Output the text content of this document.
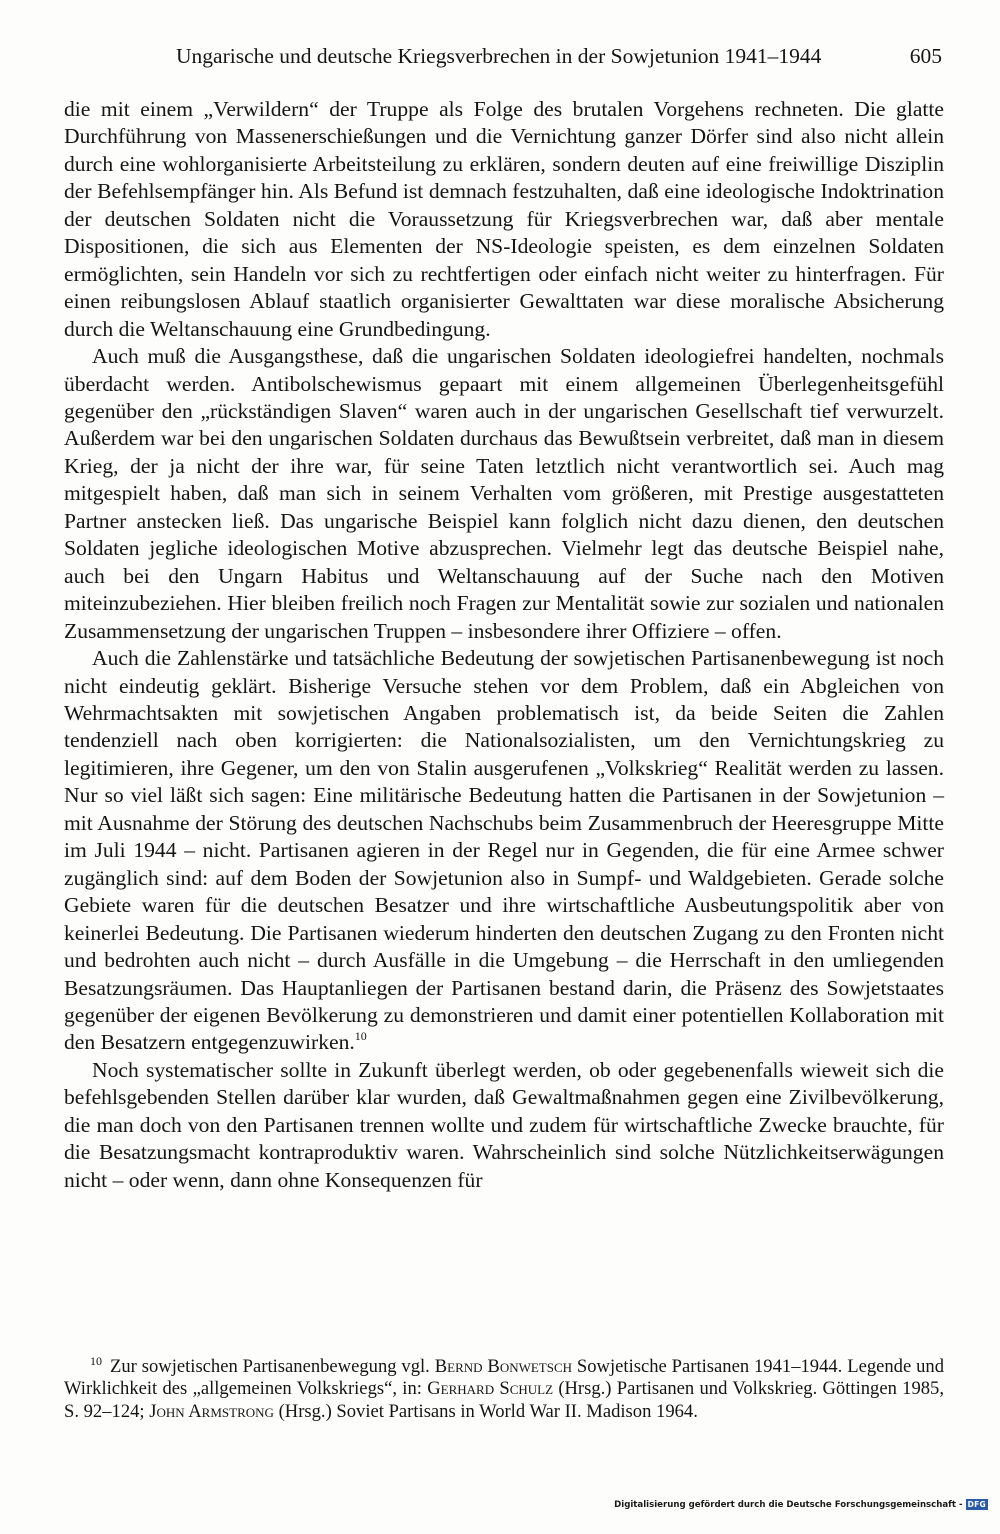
Ungarische und deutsche Kriegsverbrechen in der Sowjetunion 1941–1944	605

die mit einem „Verwildern“ der Truppe als Folge des brutalen Vorgehens rechneten. Die glatte Durchführung von Massenerschießungen und die Vernichtung ganzer Dörfer sind also nicht allein durch eine wohlorganisierte Arbeitsteilung zu erklären, sondern deuten auf eine freiwillige Disziplin der Befehlsempfänger hin. Als Befund ist demnach festzuhalten, daß eine ideologische Indoktrination der deutschen Soldaten nicht die Voraussetzung für Kriegsverbrechen war, daß aber mentale Dispositionen, die sich aus Elementen der NS-Ideologie speisten, es dem einzelnen Soldaten ermöglichten, sein Handeln vor sich zu rechtfertigen oder einfach nicht weiter zu hinterfragen. Für einen reibungslosen Ablauf staatlich organisierter Gewalttaten war diese moralische Absicherung durch die Weltanschauung eine Grundbedingung.

Auch muß die Ausgangsthese, daß die ungarischen Soldaten ideologiefrei handelten, nochmals überdacht werden. Antibolschewismus gepaart mit einem allgemeinen Überlegenheitsgefühl gegenüber den „rückständigen Slaven“ waren auch in der ungarischen Gesellschaft tief verwurzelt. Außerdem war bei den ungarischen Soldaten durchaus das Bewußtsein verbreitet, daß man in diesem Krieg, der ja nicht der ihre war, für seine Taten letztlich nicht verantwortlich sei. Auch mag mitgespielt haben, daß man sich in seinem Verhalten vom größeren, mit Prestige ausgestatteten Partner anstecken ließ. Das ungarische Beispiel kann folglich nicht dazu dienen, den deutschen Soldaten jegliche ideologischen Motive abzusprechen. Vielmehr legt das deutsche Beispiel nahe, auch bei den Ungarn Habitus und Weltanschauung auf der Suche nach den Motiven miteinzubeziehen. Hier bleiben freilich noch Fragen zur Mentalität sowie zur sozialen und nationalen Zusammensetzung der ungarischen Truppen – insbesondere ihrer Offiziere – offen.

Auch die Zahlenstärke und tatsächliche Bedeutung der sowjetischen Partisanenbewegung ist noch nicht eindeutig geklärt. Bisherige Versuche stehen vor dem Problem, daß ein Abgleichen von Wehrmachtsakten mit sowjetischen Angaben problematisch ist, da beide Seiten die Zahlen tendenziell nach oben korrigierten: die Nationalsozialisten, um den Vernichtungskrieg zu legitimieren, ihre Gegener, um den von Stalin ausgerufenen „Volkskrieg“ Realität werden zu lassen. Nur so viel läßt sich sagen: Eine militärische Bedeutung hatten die Partisanen in der Sowjetunion – mit Ausnahme der Störung des deutschen Nachschubs beim Zusammenbruch der Heeresgruppe Mitte im Juli 1944 – nicht. Partisanen agieren in der Regel nur in Gegenden, die für eine Armee schwer zugänglich sind: auf dem Boden der Sowjetunion also in Sumpf- und Waldgebieten. Gerade solche Gebiete waren für die deutschen Besatzer und ihre wirtschaftliche Ausbeutungspolitik aber von keinerlei Bedeutung. Die Partisanen wiederum hinderten den deutschen Zugang zu den Fronten nicht und bedrohten auch nicht – durch Ausfälle in die Umgebung – die Herrschaft in den umliegenden Besatzungsräumen. Das Hauptanliegen der Partisanen bestand darin, die Präsenz des Sowjetstaates gegenüber der eigenen Bevölkerung zu demonstrieren und damit einer potentiellen Kollaboration mit den Besatzern entgegenzuwirken.$^{10}$

Noch systematischer sollte in Zukunft überlegt werden, ob oder gegebenenfalls wieweit sich die befehlsgebenden Stellen darüber klar wurden, daß Gewaltmaßnahmen gegen eine Zivilbevölkerung, die man doch von den Partisanen trennen wollte und zudem für wirtschaftliche Zwecke brauchte, für die Besatzungsmacht kontraproduktiv waren. Wahrscheinlich sind solche Nützlichkeitserwägungen nicht – oder wenn, dann ohne Konsequenzen für

$^{10}$ Zur sowjetischen Partisanenbewegung vgl. Bernd Bonwetsch Sowjetische Partisanen 1941–1944. Legende und Wirklichkeit des „allgemeinen Volkskriegs“, in: Gerhard Schulz (Hrsg.) Partisanen und Volkskrieg. Göttingen 1985, S. 92–124; John Armstrong (Hrsg.) Soviet Partisans in World War II. Madison 1964.

Digitalisierung gefördert durch die Deutsche Forschungsgemeinschaft - DFG
